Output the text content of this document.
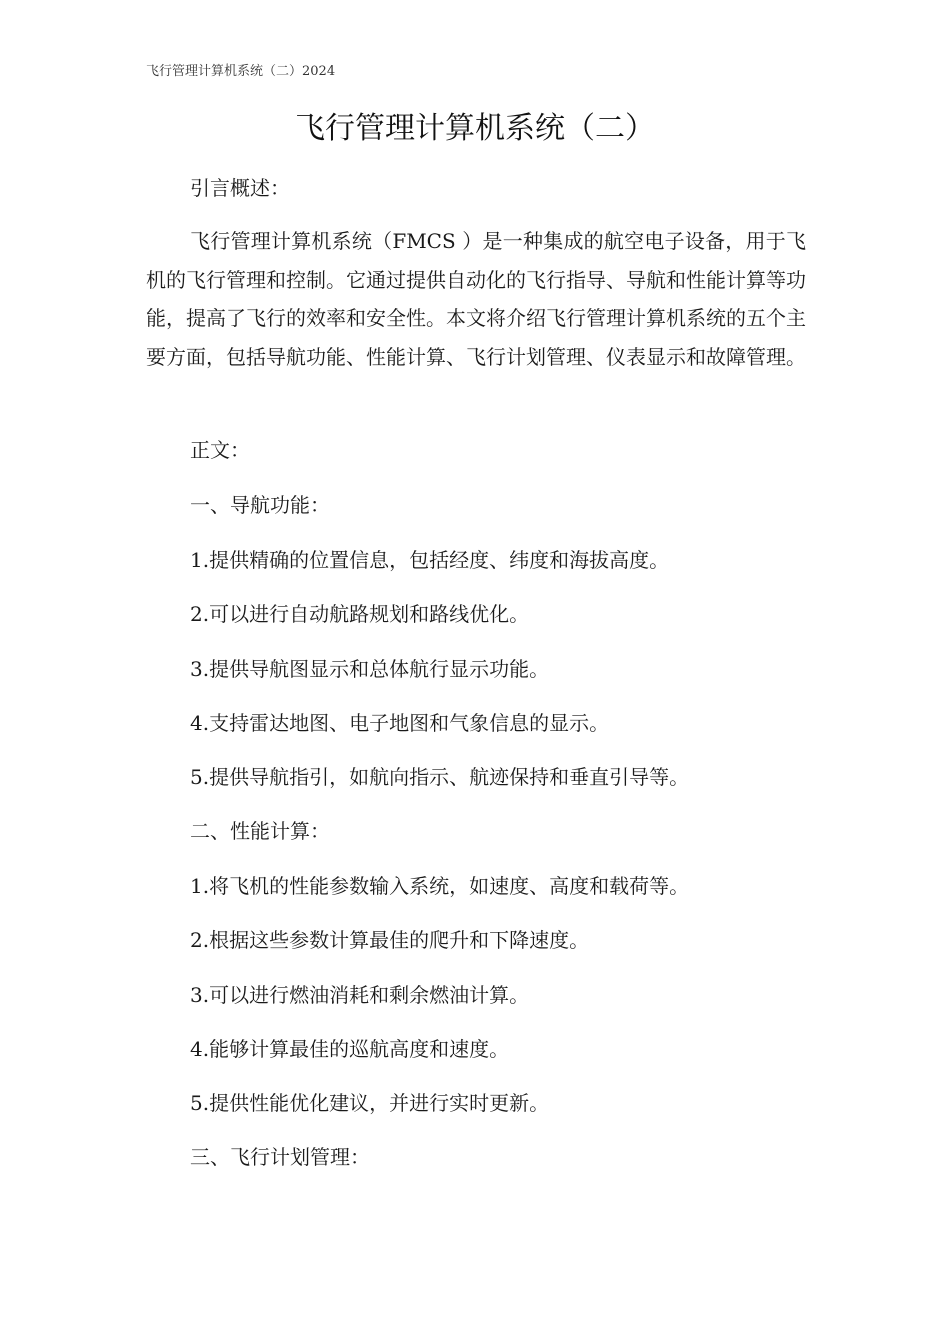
飞行管理计算机系统（二）2024
飞行管理计算机系统（二）
引言概述：
飞行管理计算机系统（FMCS ）是一种集成的航空电子设备，用于飞机的飞行管理和控制。它通过提供自动化的飞行指导、导航和性能计算等功能，提高了飞行的效率和安全性。本文将介绍飞行管理计算机系统的五个主要方面，包括导航功能、性能计算、飞行计划管理、仪表显示和故障管理。
正文：
一、导航功能：
1.提供精确的位置信息，包括经度、纬度和海拔高度。
2.可以进行自动航路规划和路线优化。
3.提供导航图显示和总体航行显示功能。
4.支持雷达地图、电子地图和气象信息的显示。
5.提供导航指引，如航向指示、航迹保持和垂直引导等。
二、性能计算：
1.将飞机的性能参数输入系统，如速度、高度和载荷等。
2.根据这些参数计算最佳的爬升和下降速度。
3.可以进行燃油消耗和剩余燃油计算。
4.能够计算最佳的巡航高度和速度。
5.提供性能优化建议，并进行实时更新。
三、飞行计划管理：
